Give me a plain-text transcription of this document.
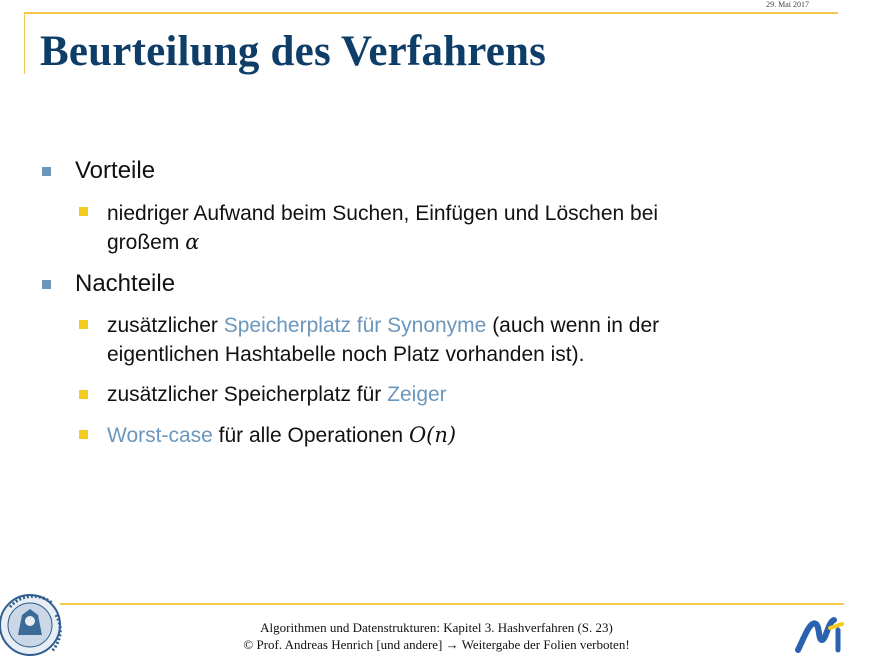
29. Mai 2017
Beurteilung des Verfahrens
Vorteile
niedriger Aufwand beim Suchen, Einfügen und Löschen bei
großem α
Nachteile
zusätzlicher Speicherplatz für Synonyme (auch wenn in der
eigentlichen Hashtabelle noch Platz vorhanden ist).
zusätzlicher Speicherplatz für Zeiger
Worst-case für alle Operationen O(n)
Algorithmen und Datenstrukturen: Kapitel 3. Hashverfahren (S. 23)
© Prof. Andreas Henrich [und andere] → Weitergabe der Folien verboten!
